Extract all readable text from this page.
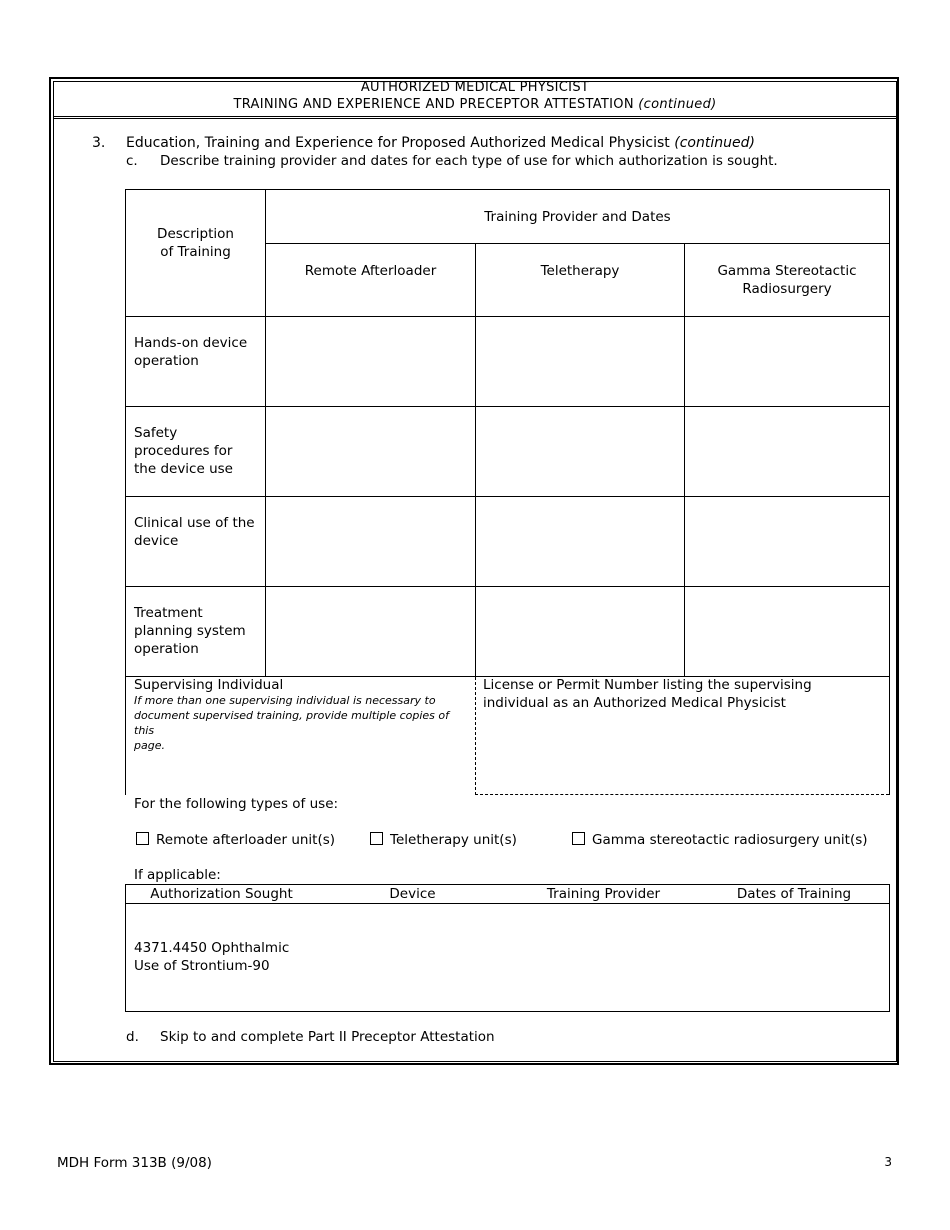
AUTHORIZED MEDICAL PHYSICIST
TRAINING AND EXPERIENCE AND PRECEPTOR ATTESTATION (continued)
3. Education, Training and Experience for Proposed Authorized Medical Physicist (continued)
c. Describe training provider and dates for each type of use for which authorization is sought.
Description
of Training
Training Provider and Dates
Remote Afterloader	Teletherapy	Gamma Stereotactic
Radiosurgery
Hands-on device
operation
Safety
procedures for
the device use
Clinical use of the
device
Treatment
planning system
operation
Supervising Individual
If more than one supervising individual is necessary to
document supervised training, provide multiple copies of this
page.
License or Permit Number listing the supervising
individual as an Authorized Medical Physicist
For the following types of use:
Remote afterloader unit(s)	Teletherapy unit(s)	Gamma stereotactic radiosurgery unit(s)
If applicable:
Authorization Sought	Device	Training Provider	Dates of Training
4371.4450 Ophthalmic
Use of Strontium-90
d. Skip to and complete Part II Preceptor Attestation
MDH Form 313B (9/08)	3
